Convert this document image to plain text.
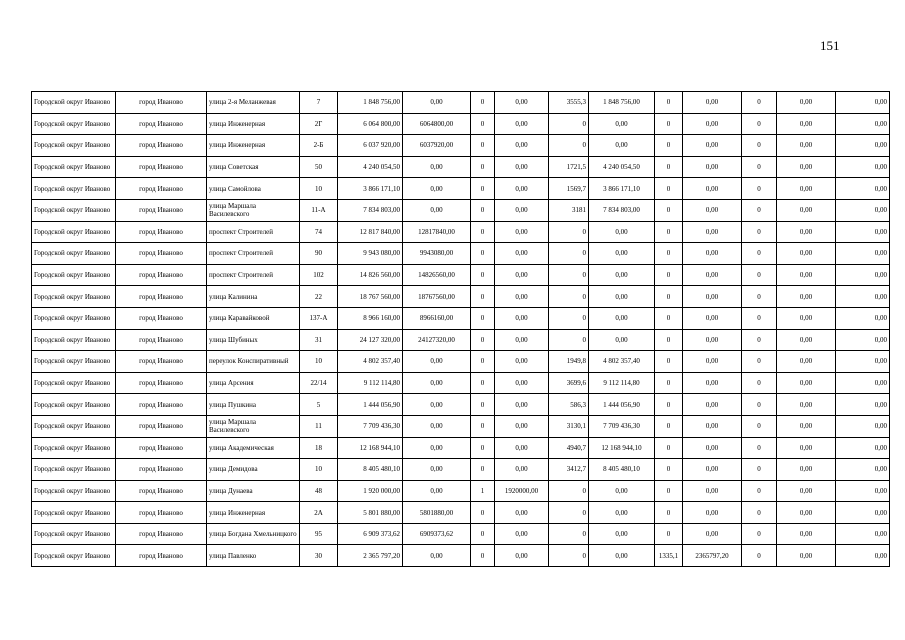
151
Городской округ Иваново	город Иваново	улица 2-я Меланжевая	7	1 848 756,00	0,00	0	0,00	3555,3	1 848 756,00	0	0,00	0	0,00	0,00
Городской округ Иваново	город Иваново	улица Инженерная	2Г	6 064 800,00	6064800,00	0	0,00	0	0,00	0	0,00	0	0,00	0,00
Городской округ Иваново	город Иваново	улица Инженерная	2-Б	6 037 920,00	6037920,00	0	0,00	0	0,00	0	0,00	0	0,00	0,00
Городской округ Иваново	город Иваново	улица Советская	50	4 240 054,50	0,00	0	0,00	1721,5	4 240 054,50	0	0,00	0	0,00	0,00
Городской округ Иваново	город Иваново	улица Самойлова	10	3 866 171,10	0,00	0	0,00	1569,7	3 866 171,10	0	0,00	0	0,00	0,00
Городской округ Иваново	город Иваново	улица Маршала Василевского	11-А	7 834 803,00	0,00	0	0,00	3181	7 834 803,00	0	0,00	0	0,00	0,00
Городской округ Иваново	город Иваново	проспект Строителей	74	12 817 840,00	12817840,00	0	0,00	0	0,00	0	0,00	0	0,00	0,00
Городской округ Иваново	город Иваново	проспект Строителей	90	9 943 080,00	9943080,00	0	0,00	0	0,00	0	0,00	0	0,00	0,00
Городской округ Иваново	город Иваново	проспект Строителей	102	14 826 560,00	14826560,00	0	0,00	0	0,00	0	0,00	0	0,00	0,00
Городской округ Иваново	город Иваново	улица Калинина	22	18 767 560,00	18767560,00	0	0,00	0	0,00	0	0,00	0	0,00	0,00
Городской округ Иваново	город Иваново	улица Каравайковой	137-А	8 966 160,00	8966160,00	0	0,00	0	0,00	0	0,00	0	0,00	0,00
Городской округ Иваново	город Иваново	улица Шубиных	31	24 127 320,00	24127320,00	0	0,00	0	0,00	0	0,00	0	0,00	0,00
Городской округ Иваново	город Иваново	переулок Конспиративный	10	4 802 357,40	0,00	0	0,00	1949,8	4 802 357,40	0	0,00	0	0,00	0,00
Городской округ Иваново	город Иваново	улица Арсения	22/14	9 112 114,80	0,00	0	0,00	3699,6	9 112 114,80	0	0,00	0	0,00	0,00
Городской округ Иваново	город Иваново	улица Пушкина	5	1 444 056,90	0,00	0	0,00	586,3	1 444 056,90	0	0,00	0	0,00	0,00
Городской округ Иваново	город Иваново	улица Маршала Василевского	11	7 709 436,30	0,00	0	0,00	3130,1	7 709 436,30	0	0,00	0	0,00	0,00
Городской округ Иваново	город Иваново	улица Академическая	18	12 168 944,10	0,00	0	0,00	4940,7	12 168 944,10	0	0,00	0	0,00	0,00
Городской округ Иваново	город Иваново	улица Демидова	10	8 405 480,10	0,00	0	0,00	3412,7	8 405 480,10	0	0,00	0	0,00	0,00
Городской округ Иваново	город Иваново	улица Дунаева	48	1 920 000,00	0,00	1	1920000,00	0	0,00	0	0,00	0	0,00	0,00
Городской округ Иваново	город Иваново	улица Инженерная	2А	5 801 880,00	5801880,00	0	0,00	0	0,00	0	0,00	0	0,00	0,00
Городской округ Иваново	город Иваново	улица Богдана Хмельницкого	95	6 909 373,62	6909373,62	0	0,00	0	0,00	0	0,00	0	0,00	0,00
Городской округ Иваново	город Иваново	улица Павленко	30	2 365 797,20	0,00	0	0,00	0	0,00	1335,1	2365797,20	0	0,00	0,00
